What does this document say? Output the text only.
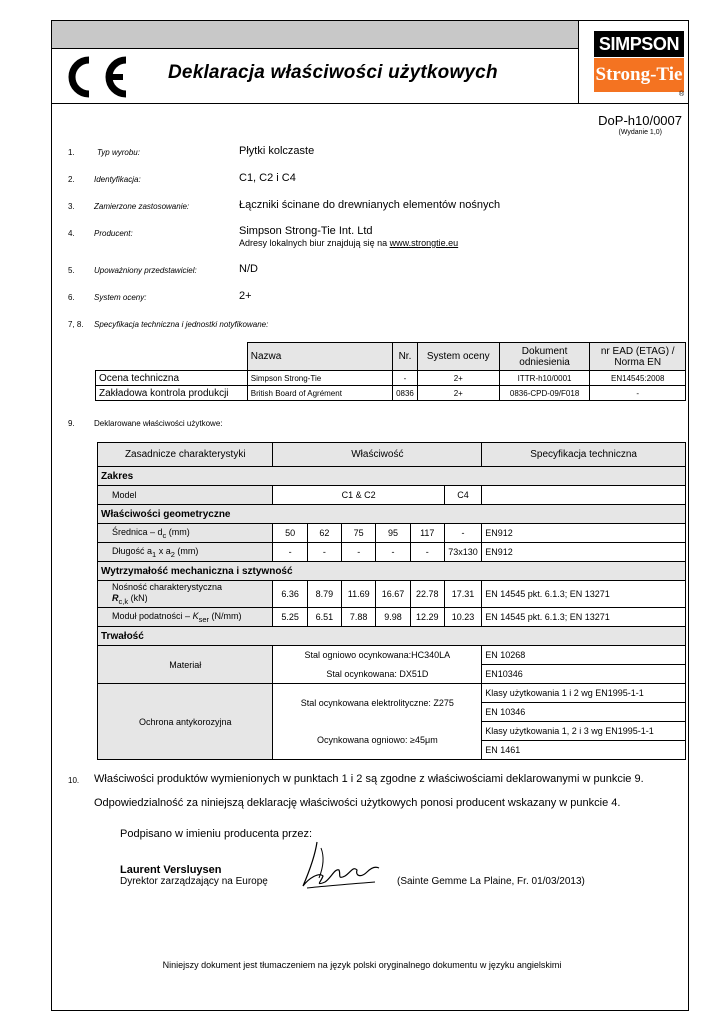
Deklaracja właściwości użytkowych
SIMPSON
Strong-Tie
®
DoP-h10/0007
(Wydanie 1,0)
1.	Typ wyrobu:	Płytki kolczaste
2. Identyfikacja:	C1, C2 i C4
3. Zamierzone zastosowanie:	Łączniki ścinane do drewnianych elementów nośnych
4. Producent:	Simpson Strong-Tie Int. Ltd
Adresy lokalnych biur znajdują się na www.strongtie.eu
5. Upoważniony przedstawiciel:	N/D
6. System oceny:	2+
7, 8. Specyfikacja techniczna i jednostki notyfikowane:
	Nazwa	Nr.	System oceny	Dokument odniesienia	nr EAD (ETAG) / Norma EN
Ocena techniczna	Simpson Strong-Tie	-	2+	ITTR-h10/0001	EN14545:2008
Zakładowa kontrola produkcji	British Board of Agrément	0836	2+	0836-CPD-09/F018	-
9. Deklarowane właściwości użytkowe:
Zasadnicze charakterystyki	Właściwość						Specyfikacja techniczna
Zakres							
Model	C1 & C2					C4	
Właściwości geometryczne							
Średnica – $d_c$ (mm)	50	62	75	95	117	-	EN912
Długość $a_1$ x $a_2$ (mm)	-	-	-	-	-	73x130	EN912
Wytrzymałość mechaniczna i sztywność							
Nośność charakterystyczna
$R_{c,k}$ (kN)	6.36	8.79	11.69	16.67	22.78	17.31	EN 14545 pkt. 6.1.3; EN 13271
Moduł podatności – $K_{ser}$ (N/mm)	5.25	6.51	7.88	9.98	12.29	10.23	EN 14545 pkt. 6.1.3; EN 13271
Trwałość							
Materiał	Stal ogniowo ocynkowana:HC340LA						EN 10268
	Stal ocynkowana: DX51D						EN10346
Ochrona antykorozyjna	Stal ocynkowana elektrolityczne: Z275						Klasy użytkowania 1 i 2 wg EN1995-1-1
							EN 10346
	Ocynkowana ogniowo: ≥45μm						Klasy użytkowania 1, 2 i 3 wg EN1995-1-1
							EN 1461
10. Właściwości produktów wymienionych w punktach 1 i 2 są zgodne z właściwościami deklarowanymi w punkcie 9.
Odpowiedzialność za niniejszą deklarację właściwości użytkowych ponosi producent wskazany w punkcie 4.
Podpisano w imieniu producenta przez:
Laurent Versluysen
Dyrektor zarządzający na Europę	(Sainte Gemme La Plaine, Fr. 01/03/2013)
Niniejszy dokument jest tłumaczeniem na język polski oryginalnego dokumentu w języku angielskimi
